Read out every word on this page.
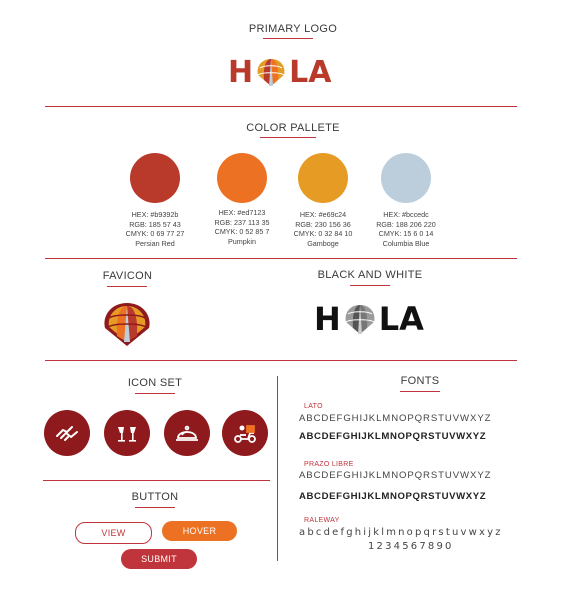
PRIMARY LOGO
H LA
COLOR PALLETE
HEX: #b9392b
RGB: 185 57 43
CMYK: 0 69 77 27
Persian Red
HEX: #ed7123
RGB: 237 113 35
CMYK: 0 52 85 7
Pumpkin
HEX: #e69c24
RGB: 230 156 36
CMYK: 0 32 84 10
Gamboge
HEX: #bccedc
RGB: 188 206 220
CMYK: 15 6 0 14
Columbia Blue
FAVICON	BLACK AND WHITE
H LA
ICON SET
BUTTON
VIEW	HOVER
SUBMIT
FONTS
LATO
ABCDEFGHIJKLMNOPQRSTUVWXYZ
ABCDEFGHIJKLMNOPQRSTUVWXYZ
PRAZO LIBRE
ABCDEFGHIJKLMNOPQRSTUVWXYZ
ABCDEFGHIJKLMNOPQRSTUVWXYZ
RALEWAY
abcdefghijklmnopqrstuvwxyz
1234567890
